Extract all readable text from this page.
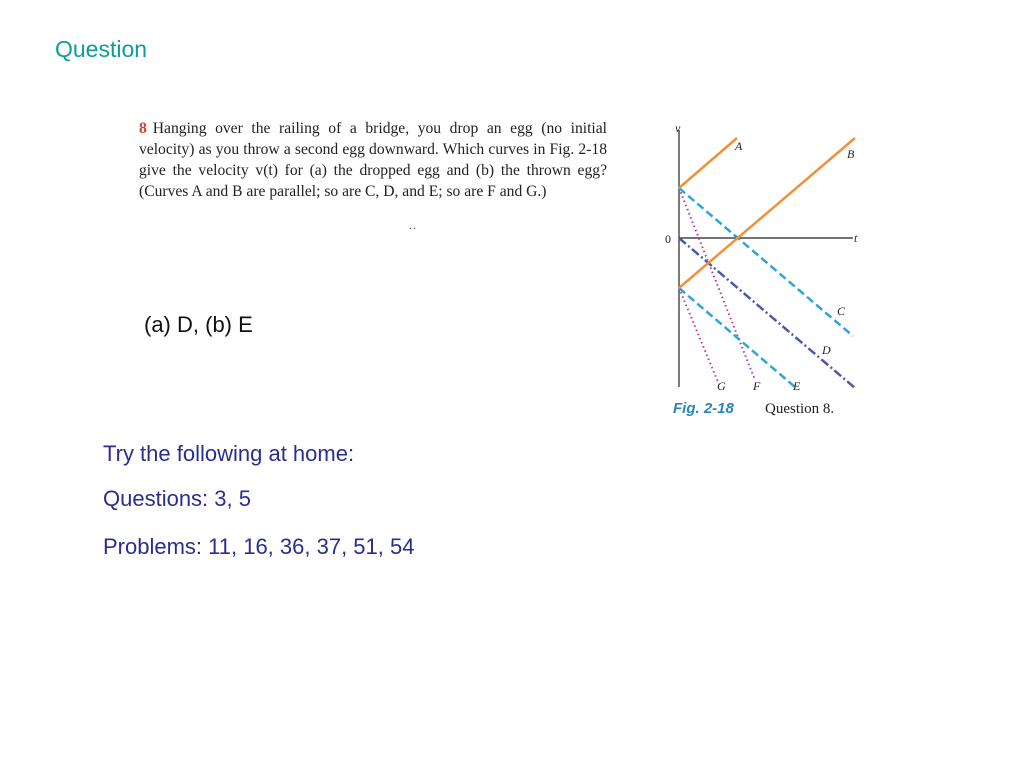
Question
8 Hanging over the railing of a bridge, you drop an egg (no initial velocity) as you throw a second egg downward. Which curves in Fig. 2-18 give the velocity v(t) for (a) the dropped egg and (b) the thrown egg? (Curves A and B are parallel; so are C, D, and E; so are F and G.)
..
(a) D, (b) E
v
t
0
A
B
C
D
E
F
G
Fig. 2-18 Question 8.
Try the following at home:
Questions: 3, 5
Problems: 11, 16, 36, 37, 51, 54
